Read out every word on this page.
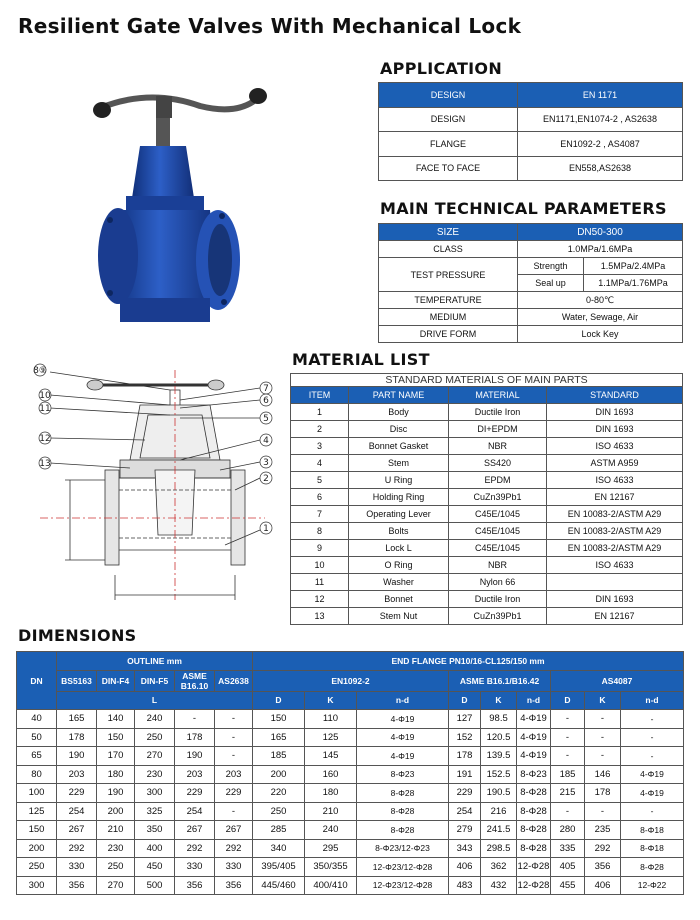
Resilient Gate Valves With Mechanical Lock
APPLICATION
DESIGN	EN 1171
DESIGN	EN1171,EN1074-2 , AS2638
FLANGE	EN1092-2 , AS4087
FACE TO FACE	EN558,AS2638
MAIN TECHNICAL PARAMETERS
SIZE	DN50-300	
CLASS	1.0MPa/1.6MPa	
TEST PRESSURE	Strength	1.5MPa/2.4MPa
	Seal up	1.1MPa/1.76MPa
TEMPERATURE	0-80℃	
MEDIUM	Water, Sewage, Air	
DRIVE FORM	Lock Key	
8⑨
10
11
12
13
7
6
5
4
3
2
1
MATERIAL LIST
STANDARD MATERIALS OF MAIN PARTS			
ITEM	PART NAME	MATERIAL	STANDARD
1	Body	Ductile Iron	DIN 1693
2	Disc	DI+EPDM	DIN 1693
3	Bonnet Gasket	NBR	ISO 4633
4	Stem	SS420	ASTM A959
5	U Ring	EPDM	ISO 4633
6	Holding Ring	CuZn39Pb1	EN 12167
7	Operating Lever	C45E/1045	EN 10083-2/ASTM A29
8	Bolts	C45E/1045	EN 10083-2/ASTM A29
9	Lock L	C45E/1045	EN 10083-2/ASTM A29
10	O Ring	NBR	ISO 4633
11	Washer	Nylon 66	
12	Bonnet	Ductile Iron	DIN 1693
13	Stem Nut	CuZn39Pb1	EN 12167
DIMENSIONS
DN	OUTLINE mm					END FLANGE PN10/16-CL125/150 mm								
	BS5163	DIN-F4	DIN-F5	ASME B16.10	AS2638	EN1092-2			ASME B16.1/B16.42			AS4087		
	L					D	K	n-d	D	K	n-d	D	K	n-d
40	165	140	240	-	-	150	110	4-Φ19	127	98.5	4-Φ19	-	-	-
50	178	150	250	178	-	165	125	4-Φ19	152	120.5	4-Φ19	-	-	-
65	190	170	270	190	-	185	145	4-Φ19	178	139.5	4-Φ19	-	-	-
80	203	180	230	203	203	200	160	8-Φ23	191	152.5	8-Φ23	185	146	4-Φ19
100	229	190	300	229	229	220	180	8-Φ28	229	190.5	8-Φ28	215	178	4-Φ19
125	254	200	325	254	-	250	210	8-Φ28	254	216	8-Φ28	-	-	-
150	267	210	350	267	267	285	240	8-Φ28	279	241.5	8-Φ28	280	235	8-Φ18
200	292	230	400	292	292	340	295	8-Φ23/12-Φ23	343	298.5	8-Φ28	335	292	8-Φ18
250	330	250	450	330	330	395/405	350/355	12-Φ23/12-Φ28	406	362	12-Φ28	405	356	8-Φ28
300	356	270	500	356	356	445/460	400/410	12-Φ23/12-Φ28	483	432	12-Φ28	455	406	12-Φ22
